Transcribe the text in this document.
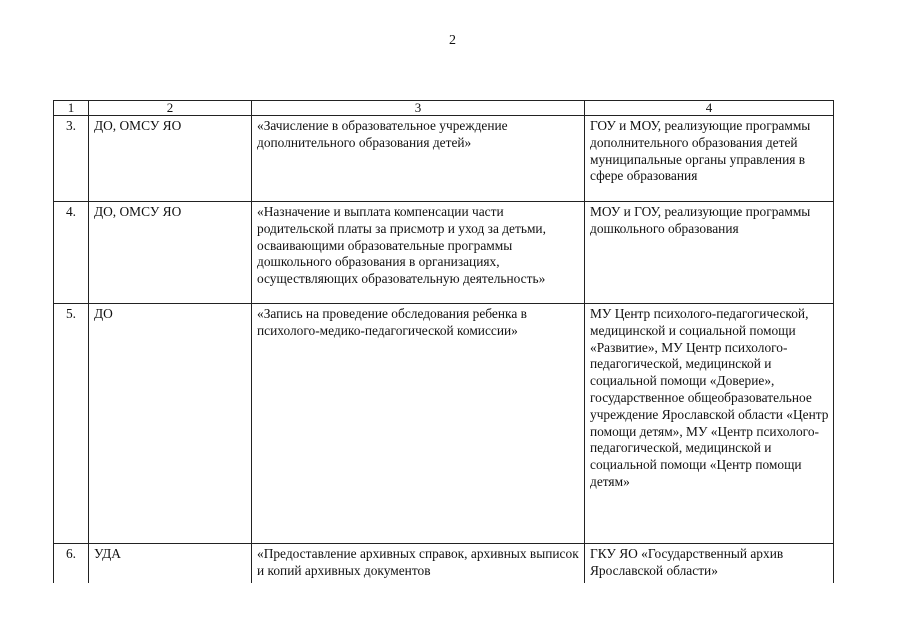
2
1	2	3	4
3.	ДО, ОМСУ ЯО	«Зачисление в образовательное учреждение дополнительного образования детей»	ГОУ и МОУ, реализующие программы дополнительного образования детей муниципальные органы управления в сфере образования
4.	ДО, ОМСУ ЯО	«Назначение и выплата компенсации части родительской платы за присмотр и уход за детьми, осваивающими образовательные программы дошкольного образования в организациях, осуществляющих образовательную деятельность»	МОУ и ГОУ, реализующие программы дошкольного образования
5.	ДО	«Запись на проведение обследования ребенка в психолого-медико-педагогической комиссии»	МУ Центр психолого-педагогической, медицинской и социальной помощи «Развитие», МУ Центр психолого-педагогической, медицинской и социальной помощи «Доверие», государственное общеобразовательное учреждение Ярославской области «Центр помощи детям», МУ «Центр психолого-педагогической, медицинской и социальной помощи «Центр помощи детям»
6.	УДА	«Предоставление архивных справок, архивных выписок и копий архивных документов	ГКУ ЯО «Государственный архив Ярославской области»
